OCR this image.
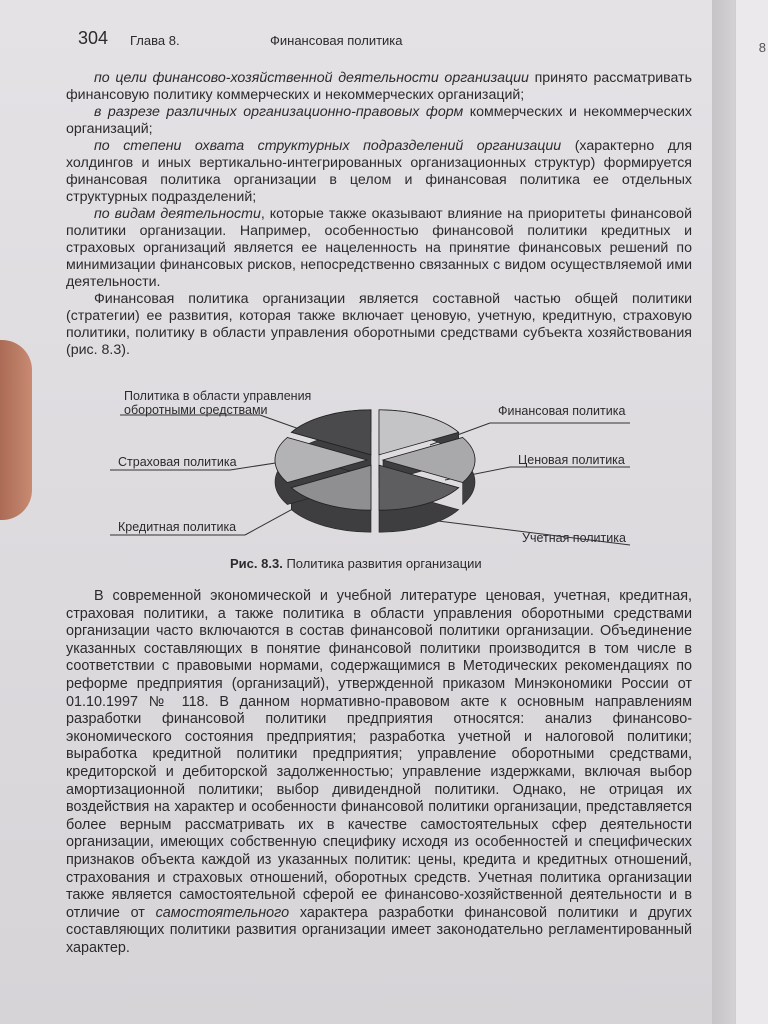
8
304 Глава 8.	Финансовая политика

по цели финансово-хозяйственной деятельности организации принято рассматривать финансовую политику коммерческих и некоммерческих организаций;

в разрезе различных организационно-правовых форм коммерческих и некоммерческих организаций;

по степени охвата структурных подразделений организации (характерно для холдингов и иных вертикально-интегрированных организационных структур) формируется финансовая политика организации в целом и финансовая политика ее отдельных структурных подразделений;

по видам деятельности, которые также оказывают влияние на приоритеты финансовой политики организации. Например, особенностью финансовой политики кредитных и страховых организаций является ее нацеленность на принятие финансовых решений по минимизации финансовых рисков, непосредственно связанных с видом осуществляемой ими деятельности.

Финансовая политика организации является составной частью общей политики (стратегии) ее развития, которая также включает ценовую, учетную, кредитную, страховую политики, политику в области управления оборотными средствами субъекта хозяйствования (рис. 8.3).

Политика в области управления
оборотными средствами	Финансовая политика
Ценовая политика
Учетная политика
Кредитная политика
Страховая политика
Рис. 8.3. Политика развития организации

В современной экономической и учебной литературе ценовая, учетная, кредитная, страховая политики, а также политика в области управления оборотными средствами организации часто включаются в состав финансовой политики организации. Объединение указанных составляющих в понятие финансовой политики производится в том числе в соответствии с правовыми нормами, содержащимися в Методических рекомендациях по реформе предприятия (организаций), утвержденной приказом Минэкономики России от 01.10.1997 № 118. В данном нормативно-правовом акте к основным направлениям разработки финансовой политики предприятия относятся: анализ финансово-экономического состояния предприятия; разработка учетной и налоговой политики; выработка кредитной политики предприятия; управление оборотными средствами, кредиторской и дебиторской задолженностью; управление издержками, включая выбор амортизационной политики; выбор дивидендной политики. Однако, не отрицая их воздействия на характер и особенности финансовой политики организации, представляется более верным рассматривать их в качестве самостоятельных сфер деятельности организации, имеющих собственную специфику исходя из особенностей и специфических признаков объекта каждой из указанных политик: цены, кредита и кредитных отношений, страхования и страховых отношений, оборотных средств. Учетная политика организации также является самостоятельной сферой ее финансово-хозяйственной деятельности и в отличие от самостоятельного характера разработки финансовой политики и других составляющих политики развития организации имеет законодательно регламентированный характер.
